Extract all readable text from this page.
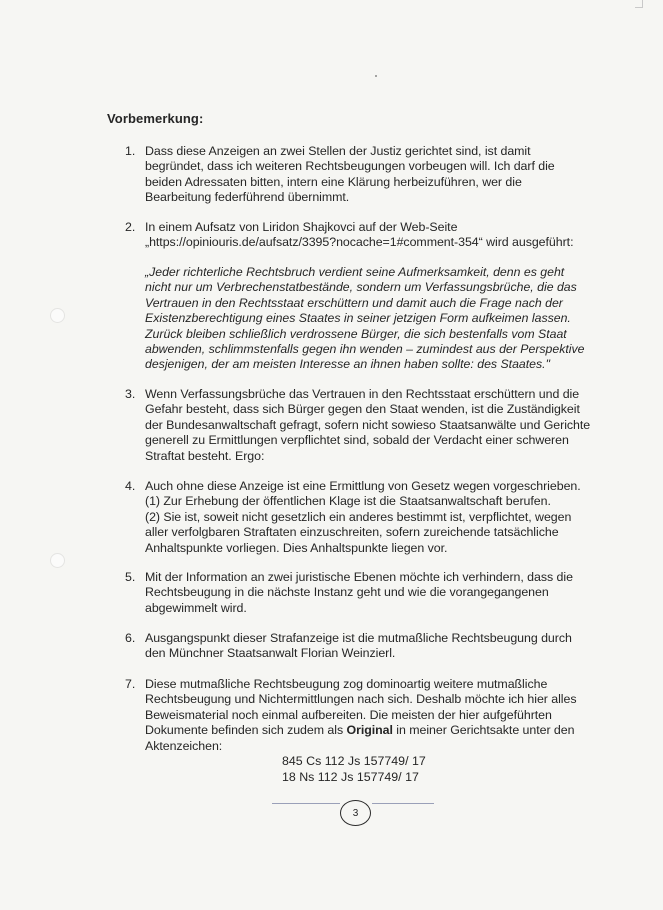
Vorbemerkung:
1. Dass diese Anzeigen an zwei Stellen der Justiz gerichtet sind, ist damit

begründet, dass ich weiteren Rechtsbeugungen vorbeugen will. Ich darf die

beiden Adressaten bitten, intern eine Klärung herbeizuführen, wer die

Bearbeitung federführend übernimmt.

2. In einem Aufsatz von Liridon Shajkovci auf der Web-Seite

„https://opiniouris.de/aufsatz/3395?nocache=1#comment-354“ wird ausgeführt:

„Jeder richterliche Rechtsbruch verdient seine Aufmerksamkeit, denn es geht

nicht nur um Verbrechenstatbestände, sondern um Verfassungsbrüche, die das

Vertrauen in den Rechtsstaat erschüttern und damit auch die Frage nach der

Existenzberechtigung eines Staates in seiner jetzigen Form aufkeimen lassen.

Zurück bleiben schließlich verdrossene Bürger, die sich bestenfalls vom Staat

abwenden, schlimmstenfalls gegen ihn wenden – zumindest aus der Perspektive

desjenigen, der am meisten Interesse an ihnen haben sollte: des Staates."

3. Wenn Verfassungsbrüche das Vertrauen in den Rechtsstaat erschüttern und die

Gefahr besteht, dass sich Bürger gegen den Staat wenden, ist die Zuständigkeit

der Bundesanwaltschaft gefragt, sofern nicht sowieso Staatsanwälte und Gerichte

generell zu Ermittlungen verpflichtet sind, sobald der Verdacht einer schweren

Straftat besteht. Ergo:

4. Auch ohne diese Anzeige ist eine Ermittlung von Gesetz wegen vorgeschrieben.

(1) Zur Erhebung der öffentlichen Klage ist die Staatsanwaltschaft berufen.

(2) Sie ist, soweit nicht gesetzlich ein anderes bestimmt ist, verpflichtet, wegen

aller verfolgbaren Straftaten einzuschreiten, sofern zureichende tatsächliche

Anhaltspunkte vorliegen. Dies Anhaltspunkte liegen vor.

5. Mit der Information an zwei juristische Ebenen möchte ich verhindern, dass die

Rechtsbeugung in die nächste Instanz geht und wie die vorangegangenen

abgewimmelt wird.

6. Ausgangspunkt dieser Strafanzeige ist die mutmaßliche Rechtsbeugung durch

den Münchner Staatsanwalt Florian Weinzierl.

7. Diese mutmaßliche Rechtsbeugung zog dominoartig weitere mutmaßliche

Rechtsbeugung und Nichtermittlungen nach sich. Deshalb möchte ich hier alles

Beweismaterial noch einmal aufbereiten. Die meisten der hier aufgeführten

Dokumente befinden sich zudem als Original in meiner Gerichtsakte unter den

Aktenzeichen:

845 Cs 112 Js 157749/ 17

18 Ns 112 Js 157749/ 17

3
